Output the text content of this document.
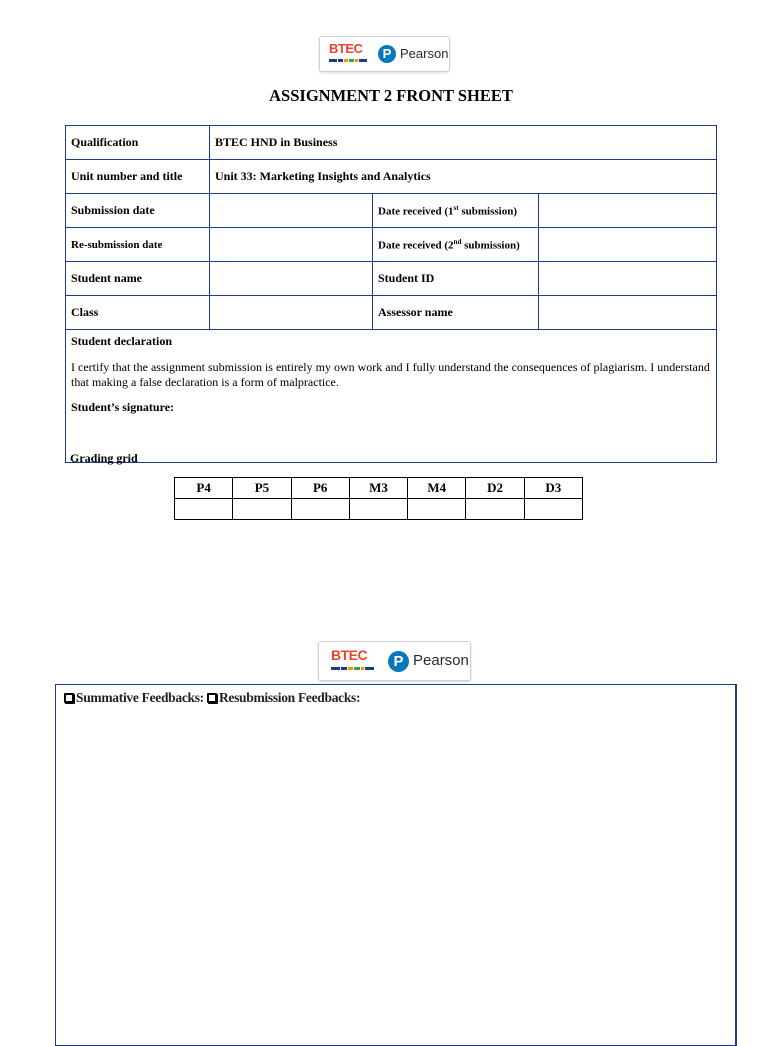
BTEC	P Pearson
ASSIGNMENT 2 FRONT SHEET
Qualification	BTEC HND in Business		
Unit number and title	Unit 33: Marketing Insights and Analytics		
Submission date		Date received (1st submission)	
Re-submission date		Date received (2nd submission)	
Student name		Student ID	
Class		Assessor name	

Student declaration
I certify that the assignment submission is entirely my own work and I fully understand the consequences of plagiarism. I understand that making a false declaration is a form of malpractice.
Student’s signature:			
Grading grid
P4	P5	P6	M3	M4	D2	D3

BTEC	P Pearson
Summative Feedbacks: Resubmission Feedbacks:
